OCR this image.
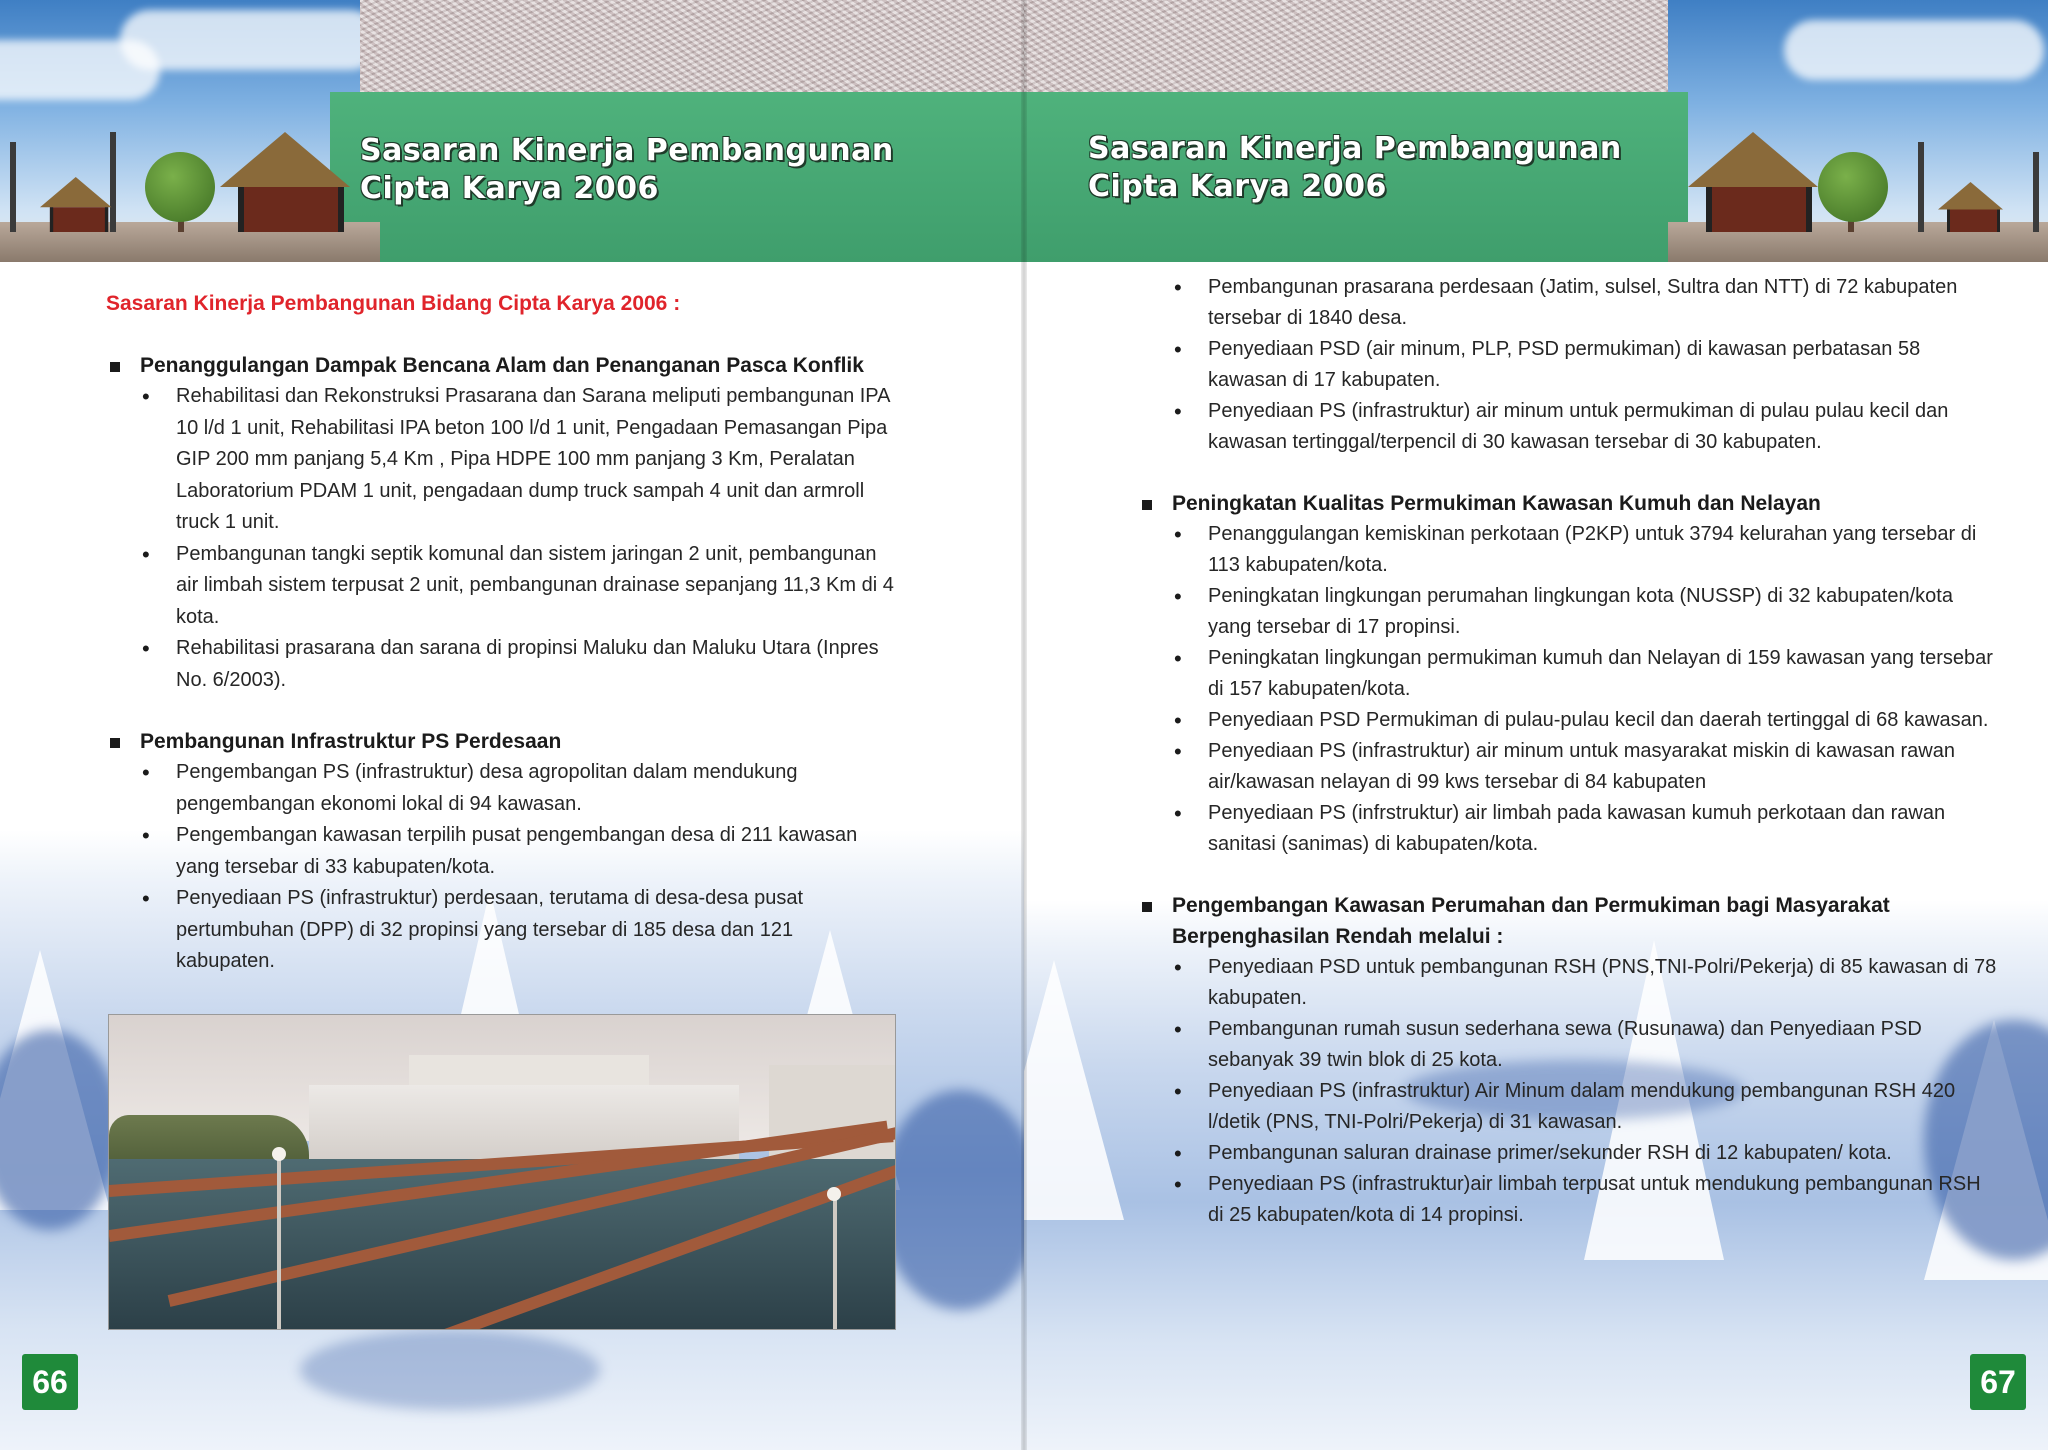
Sasaran Kinerja Pembangunan
Cipta Karya 2006
Sasaran Kinerja Pembangunan Bidang Cipta Karya 2006 :
Penanggulangan Dampak Bencana Alam dan Penanganan Pasca Konflik
• Rehabilitasi dan Rekonstruksi Prasarana dan Sarana meliputi pembangunan IPA 10 l/d 1 unit, Rehabilitasi IPA beton 100 l/d 1 unit, Pengadaan Pemasangan Pipa GIP 200 mm panjang 5,4 Km , Pipa HDPE 100 mm panjang 3 Km, Peralatan Laboratorium PDAM 1 unit, pengadaan dump truck sampah 4 unit dan armroll truck 1 unit.
• Pembangunan tangki septik komunal dan sistem jaringan 2 unit, pembangunan air limbah sistem terpusat 2 unit, pembangunan drainase sepanjang 11,3 Km di 4 kota.
• Rehabilitasi prasarana dan sarana di propinsi Maluku dan Maluku Utara (Inpres No. 6/2003).
Pembangunan Infrastruktur PS Perdesaan
• Pengembangan PS (infrastruktur) desa agropolitan dalam mendukung pengembangan ekonomi lokal di 94 kawasan.
• Pengembangan kawasan terpilih pusat pengembangan desa di 211 kawasan yang tersebar di 33 kabupaten/kota.
• Penyediaan PS (infrastruktur) perdesaan, terutama di desa-desa pusat pertumbuhan (DPP) di 32 propinsi yang tersebar di 185 desa dan 121 kabupaten.
66
Sasaran Kinerja Pembangunan
Cipta Karya 2006
• Pembangunan prasarana perdesaan (Jatim, sulsel, Sultra dan NTT) di 72 kabupaten tersebar di 1840 desa.
• Penyediaan PSD (air minum, PLP, PSD permukiman) di kawasan perbatasan 58 kawasan di 17 kabupaten.
• Penyediaan PS (infrastruktur) air minum untuk permukiman di pulau pulau kecil dan kawasan tertinggal/terpencil di 30 kawasan tersebar di 30 kabupaten.
Peningkatan Kualitas Permukiman Kawasan Kumuh dan Nelayan
• Penanggulangan kemiskinan perkotaan (P2KP) untuk 3794 kelurahan yang tersebar di 113 kabupaten/kota.
• Peningkatan lingkungan perumahan lingkungan kota (NUSSP) di 32 kabupaten/kota yang tersebar di 17 propinsi.
• Peningkatan lingkungan permukiman kumuh dan Nelayan di 159 kawasan yang tersebar di 157 kabupaten/kota.
• Penyediaan PSD Permukiman di pulau-pulau kecil dan daerah tertinggal di 68 kawasan.
• Penyediaan PS (infrastruktur) air minum untuk masyarakat miskin di kawasan rawan air/kawasan nelayan di 99 kws tersebar di 84 kabupaten
• Penyediaan PS (infrstruktur) air limbah pada kawasan kumuh perkotaan dan rawan sanitasi (sanimas) di kabupaten/kota.
Pengembangan Kawasan Perumahan dan Permukiman bagi Masyarakat Berpenghasilan Rendah melalui :
• Penyediaan PSD untuk pembangunan RSH (PNS,TNI-Polri/Pekerja) di 85 kawasan di 78 kabupaten.
• Pembangunan rumah susun sederhana sewa (Rusunawa) dan Penyediaan PSD sebanyak 39 twin blok di 25 kota.
• Penyediaan PS (infrastruktur) Air Minum dalam mendukung pembangunan RSH 420 l/detik (PNS, TNI-Polri/Pekerja) di 31 kawasan.
• Pembangunan saluran drainase primer/sekunder RSH di 12 kabupaten/ kota.
• Penyediaan PS (infrastruktur)air limbah terpusat untuk mendukung pembangunan RSH di 25 kabupaten/kota di 14 propinsi.
67
